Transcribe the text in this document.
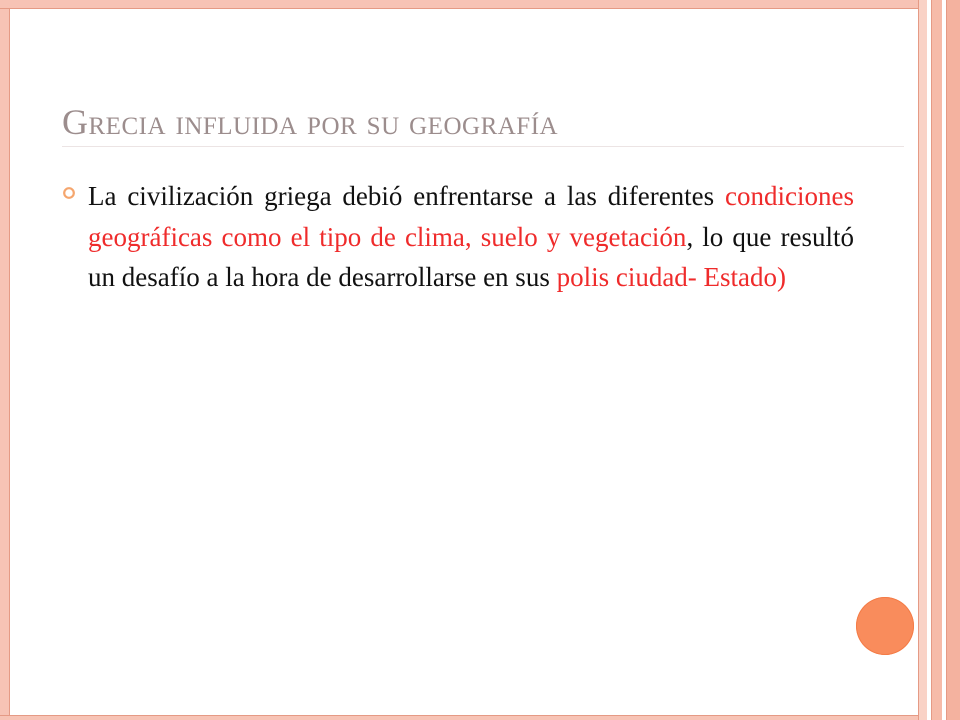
Grecia influida por su geografía

La civilización griega debió enfrentarse a las diferentes condiciones geográficas como el tipo de clima, suelo y vegetación, lo que resultó un desafío a la hora de desarrollarse en sus polis ciudad- Estado)
